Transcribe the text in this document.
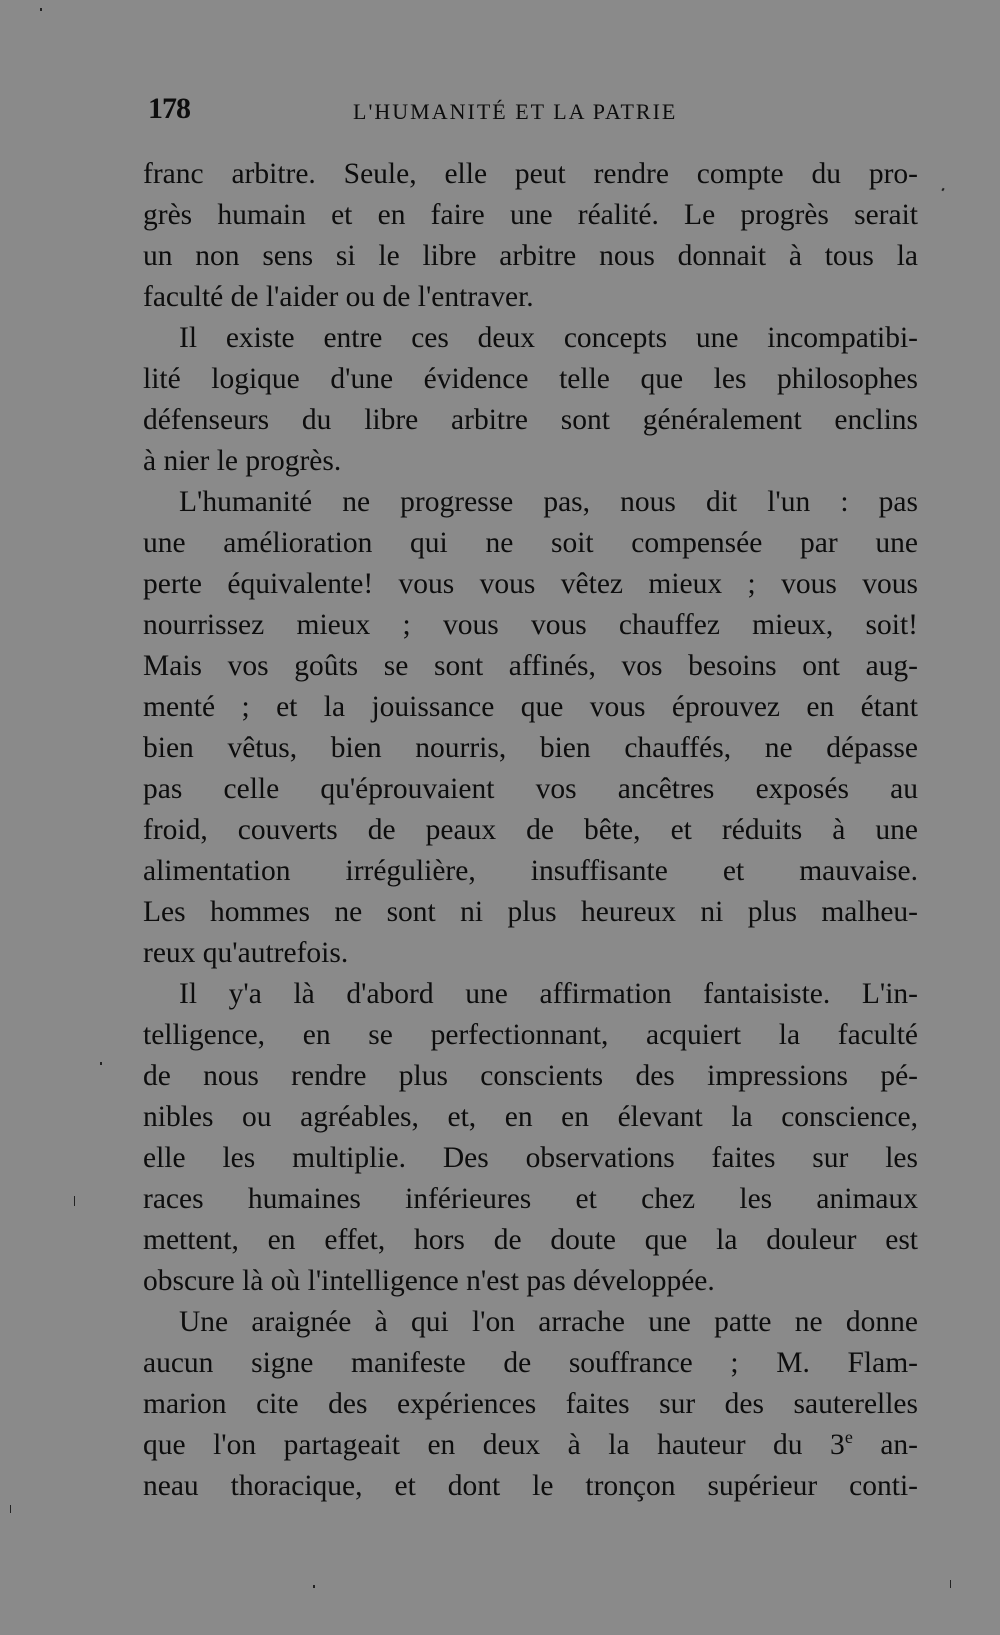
178	L'HUMANITÉ ET LA PATRIE
franc arbitre. Seule, elle peut rendre compte du pro-
grès humain et en faire une réalité. Le progrès serait
un non sens si le libre arbitre nous donnait à tous la
faculté de l'aider ou de l'entraver.
Il existe entre ces deux concepts une incompatibi-
lité logique d'une évidence telle que les philosophes
défenseurs du libre arbitre sont généralement enclins
à nier le progrès.
L'humanité ne progresse pas, nous dit l'un : pas
une amélioration qui ne soit compensée par une
perte équivalente! vous vous vêtez mieux ; vous vous
nourrissez mieux ; vous vous chauffez mieux, soit!
Mais vos goûts se sont affinés, vos besoins ont aug-
menté ; et la jouissance que vous éprouvez en étant
bien vêtus, bien nourris, bien chauffés, ne dépasse
pas celle qu'éprouvaient vos ancêtres exposés au
froid, couverts de peaux de bête, et réduits à une
alimentation irrégulière, insuffisante et mauvaise.
Les hommes ne sont ni plus heureux ni plus malheu-
reux qu'autrefois.
Il y'a là d'abord une affirmation fantaisiste. L'in-
telligence, en se perfectionnant, acquiert la faculté
de nous rendre plus conscients des impressions pé-
nibles ou agréables, et, en en élevant la conscience,
elle les multiplie. Des observations faites sur les
races humaines inférieures et chez les animaux
mettent, en effet, hors de doute que la douleur est
obscure là où l'intelligence n'est pas développée.
Une araignée à qui l'on arrache une patte ne donne
aucun signe manifeste de souffrance ; M. Flam-
marion cite des expériences faites sur des sauterelles
que l'on partageait en deux à la hauteur du 3e an-
neau thoracique, et dont le tronçon supérieur conti-
